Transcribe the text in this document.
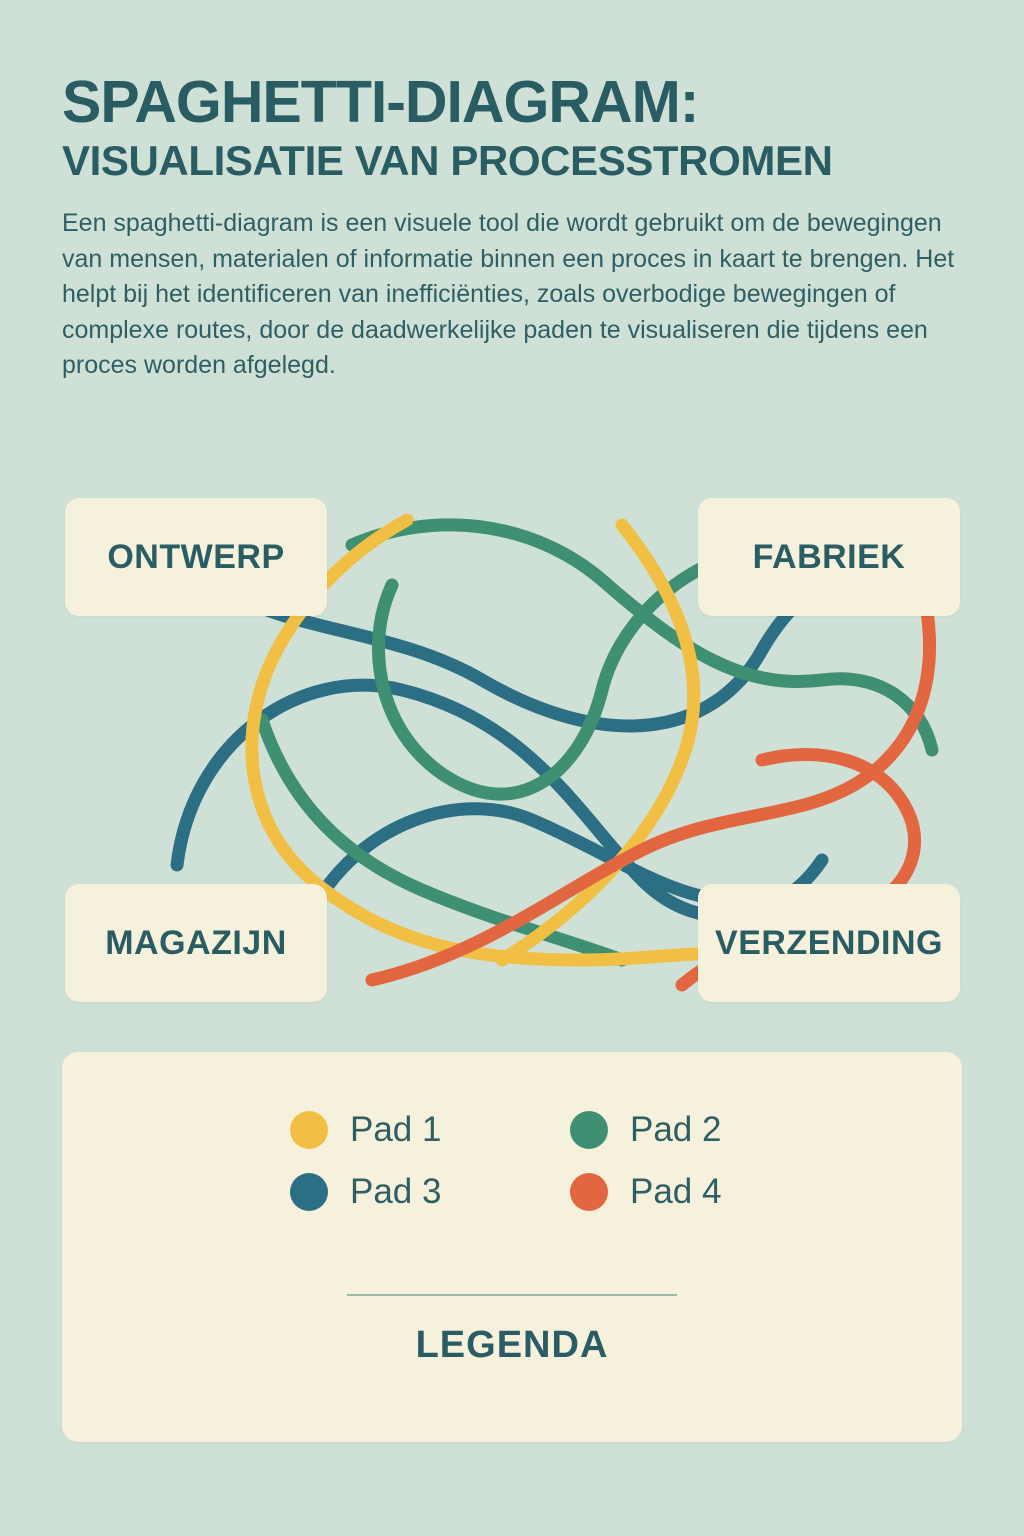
SPAGHETTI-DIAGRAM:
VISUALISATIE VAN PROCESSTROMEN

Een spaghetti-diagram is een visuele tool die wordt gebruikt om de bewegingen van mensen, materialen of informatie binnen een proces in kaart te brengen. Het helpt bij het identificeren van inefficiënties, zoals overbodige bewegingen of complexe routes, door de daadwerkelijke paden te visualiseren die tijdens een proces worden afgelegd.

ONTWERP	FABRIEK
MAGAZIJN	VERZENDING
Pad 1	Pad 2
Pad 3	Pad 4
LEGENDA
